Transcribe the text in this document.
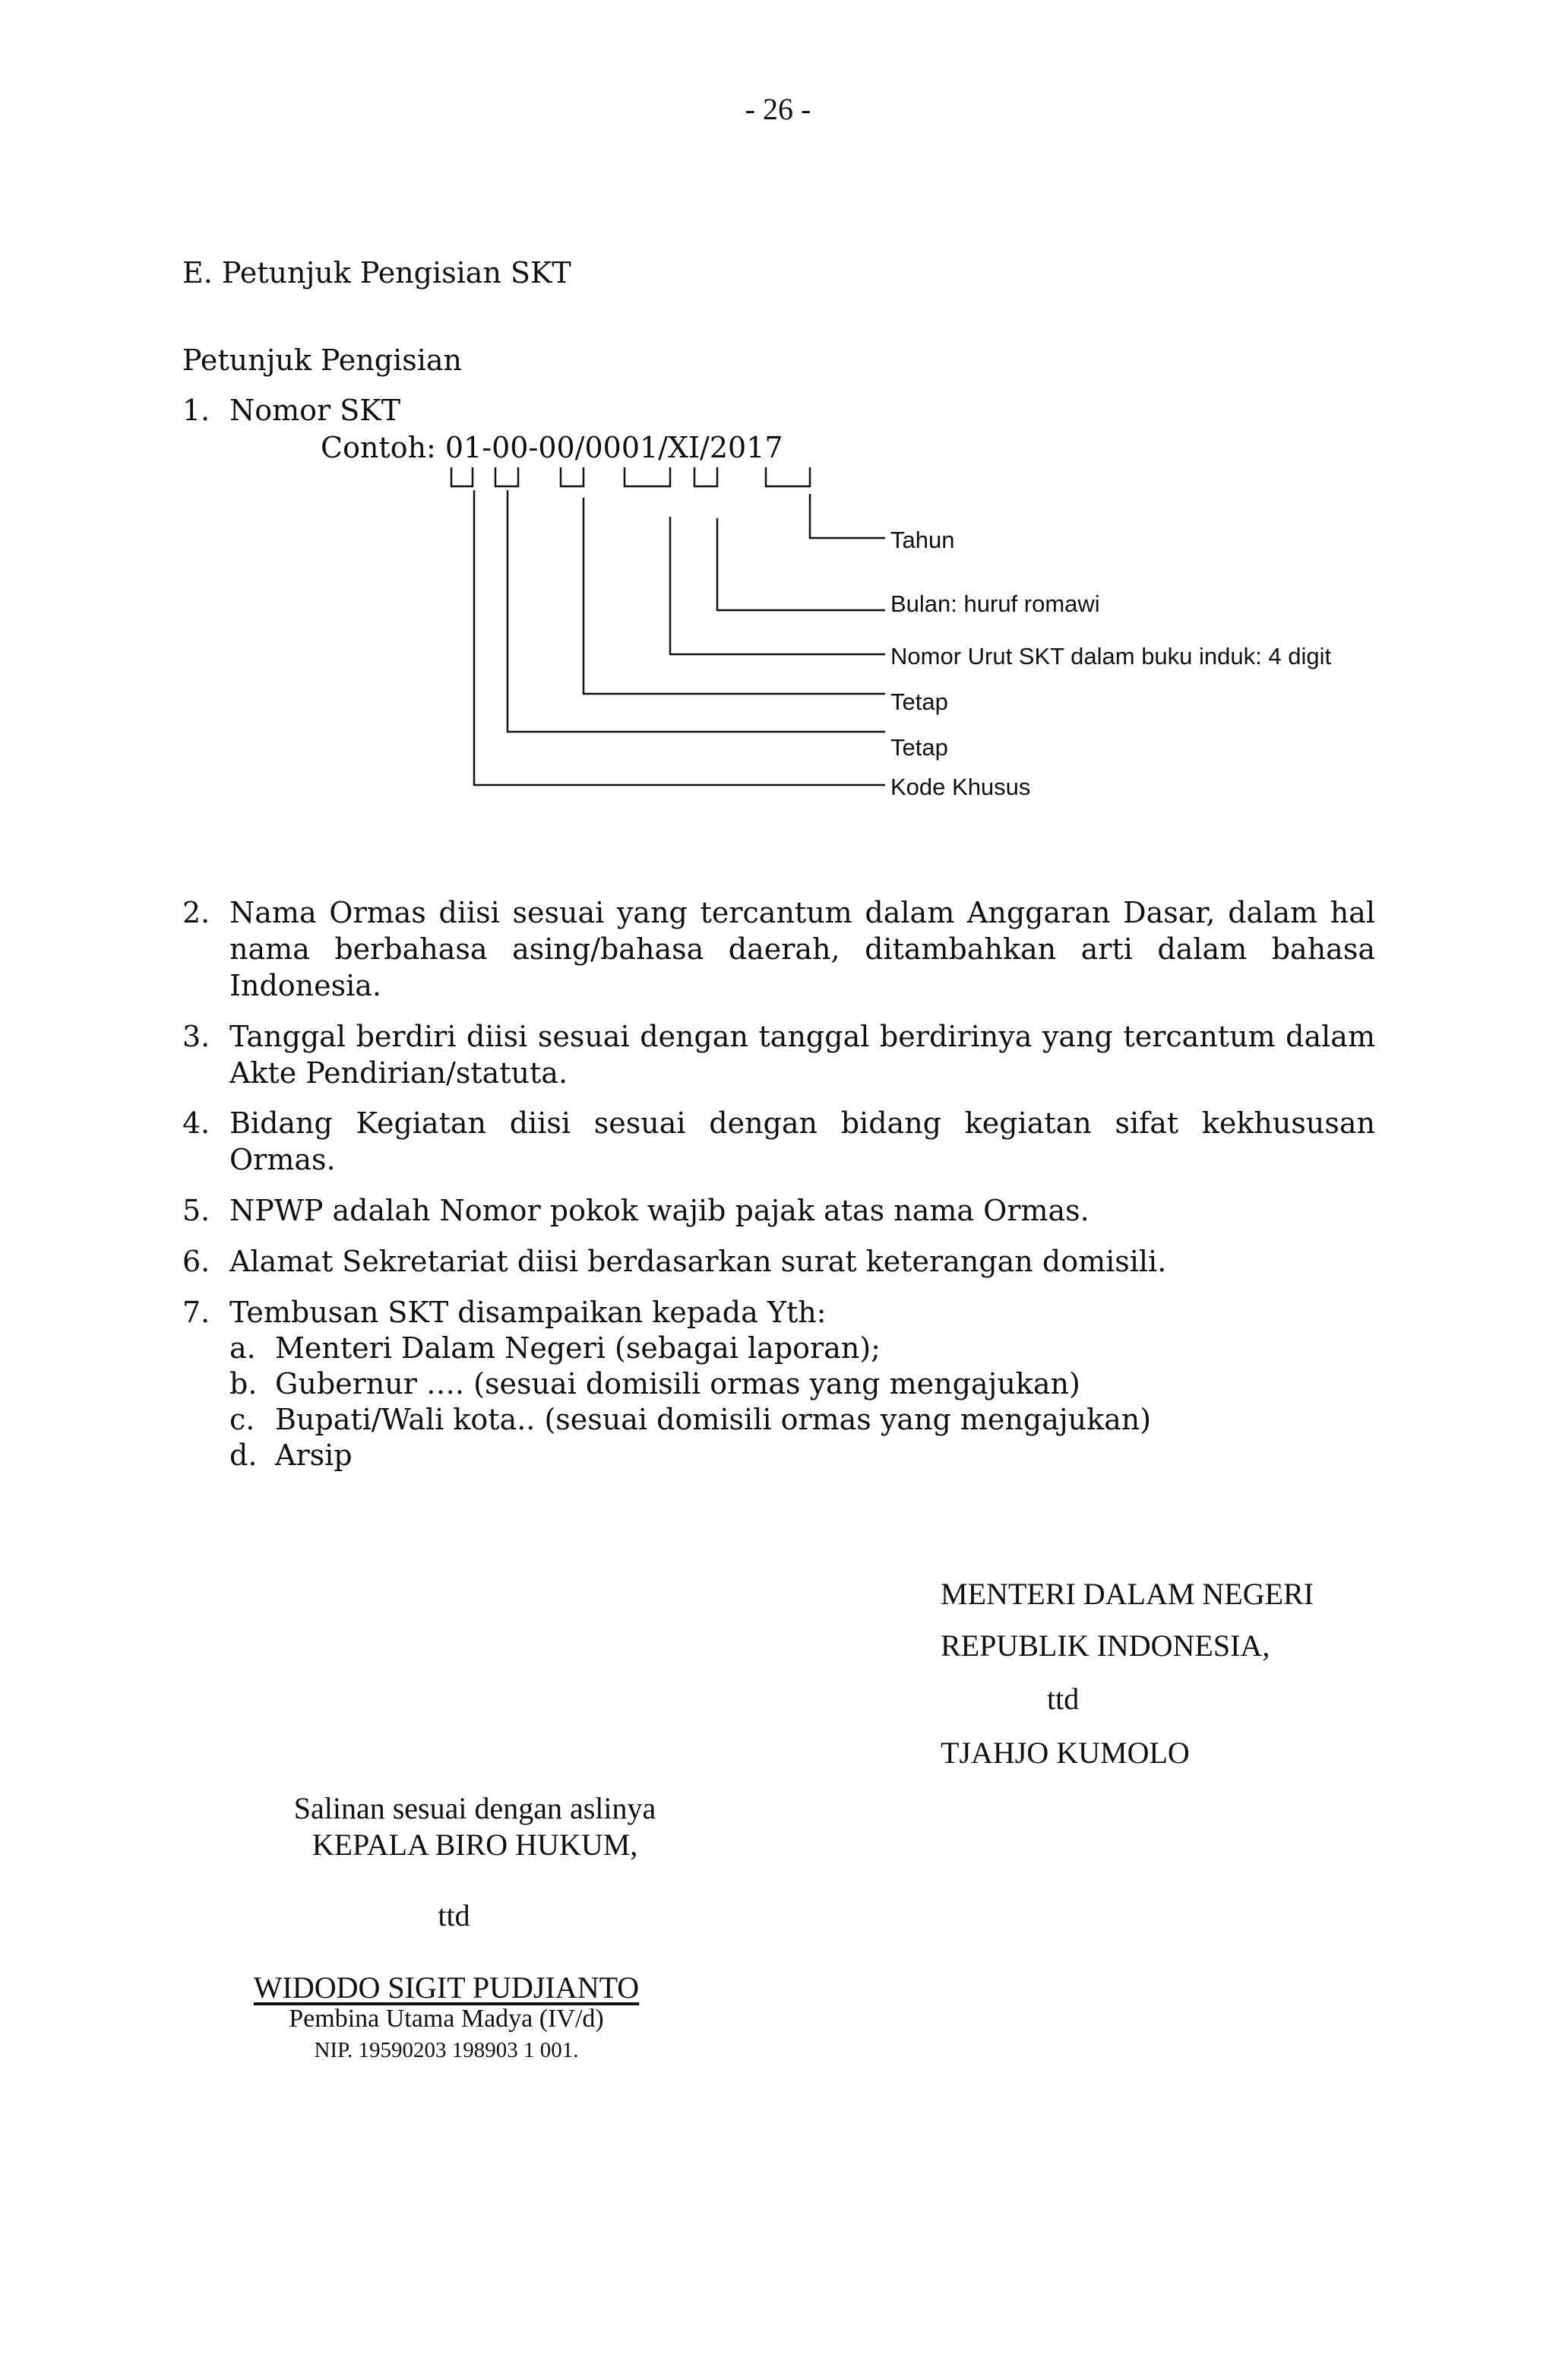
- 26 -
E. Petunjuk Pengisian SKT
Petunjuk Pengisian
1. Nomor SKT
Contoh: 01-00-00/0001/XI/2017
Tahun
Bulan: huruf romawi
Nomor Urut SKT dalam buku induk: 4 digit
Tetap
Tetap
Kode Khusus
2. Nama Ormas diisi sesuai yang tercantum dalam Anggaran Dasar, dalam hal nama berbahasa asing/bahasa daerah, ditambahkan arti dalam bahasa Indonesia.
3. Tanggal berdiri diisi sesuai dengan tanggal berdirinya yang tercantum dalam Akte Pendirian/statuta.
4. Bidang Kegiatan diisi sesuai dengan bidang kegiatan sifat kekhususan Ormas.
5. NPWP adalah Nomor pokok wajib pajak atas nama Ormas.
6. Alamat Sekretariat diisi berdasarkan surat keterangan domisili.
7. Tembusan SKT disampaikan kepada Yth:
a. Menteri Dalam Negeri (sebagai laporan);
b. Gubernur …. (sesuai domisili ormas yang mengajukan)
c. Bupati/Wali kota.. (sesuai domisili ormas yang mengajukan)
d. Arsip
MENTERI DALAM NEGERI
REPUBLIK INDONESIA,
ttd
TJAHJO KUMOLO
Salinan sesuai dengan aslinya
KEPALA BIRO HUKUM,
ttd
WIDODO SIGIT PUDJIANTO
Pembina Utama Madya (IV/d)
NIP. 19590203 198903 1 001.
